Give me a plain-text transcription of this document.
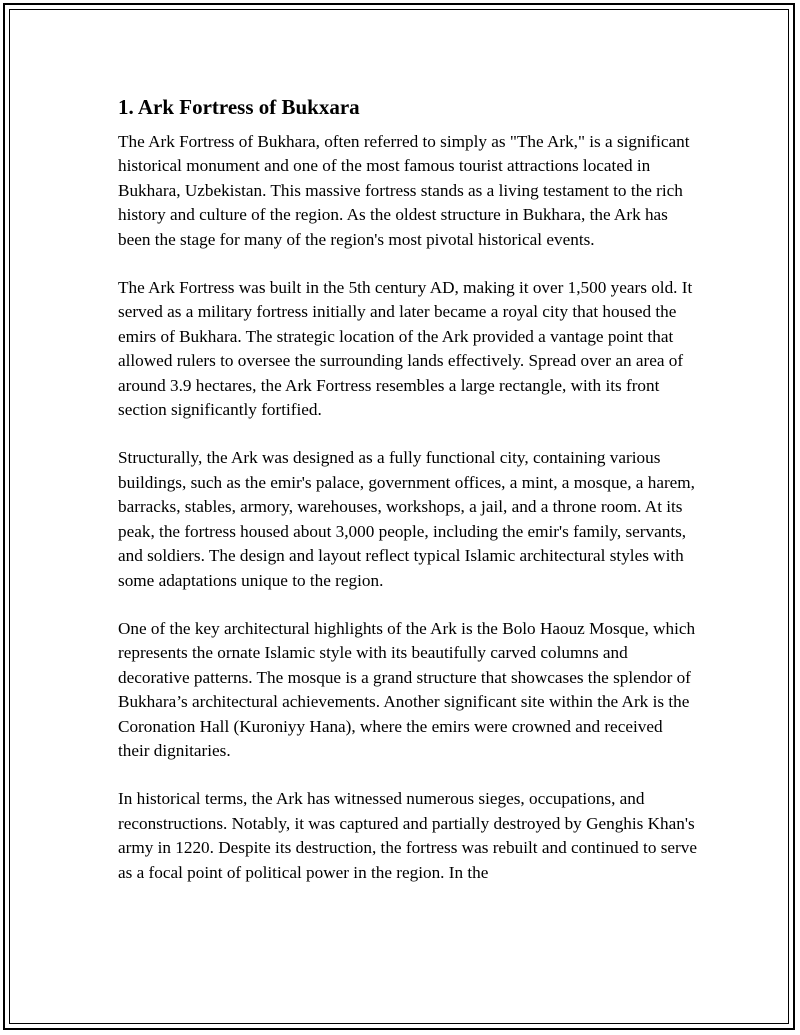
1. Ark Fortress of Bukxara

The Ark Fortress of Bukhara, often referred to simply as "The Ark," is a significant historical monument and one of the most famous tourist attractions located in Bukhara, Uzbekistan. This massive fortress stands as a living testament to the rich history and culture of the region. As the oldest structure in Bukhara, the Ark has been the stage for many of the region's most pivotal historical events.

The Ark Fortress was built in the 5th century AD, making it over 1,500 years old. It served as a military fortress initially and later became a royal city that housed the emirs of Bukhara. The strategic location of the Ark provided a vantage point that allowed rulers to oversee the surrounding lands effectively. Spread over an area of around 3.9 hectares, the Ark Fortress resembles a large rectangle, with its front section significantly fortified.

Structurally, the Ark was designed as a fully functional city, containing various buildings, such as the emir's palace, government offices, a mint, a mosque, a harem, barracks, stables, armory, warehouses, workshops, a jail, and a throne room. At its peak, the fortress housed about 3,000 people, including the emir's family, servants, and soldiers. The design and layout reflect typical Islamic architectural styles with some adaptations unique to the region.

One of the key architectural highlights of the Ark is the Bolo Haouz Mosque, which represents the ornate Islamic style with its beautifully carved columns and decorative patterns. The mosque is a grand structure that showcases the splendor of Bukhara’s architectural achievements. Another significant site within the Ark is the Coronation Hall (Kuroniyy Hana), where the emirs were crowned and received their dignitaries.

In historical terms, the Ark has witnessed numerous sieges, occupations, and reconstructions. Notably, it was captured and partially destroyed by Genghis Khan's army in 1220. Despite its destruction, the fortress was rebuilt and continued to serve as a focal point of political power in the region. In the
